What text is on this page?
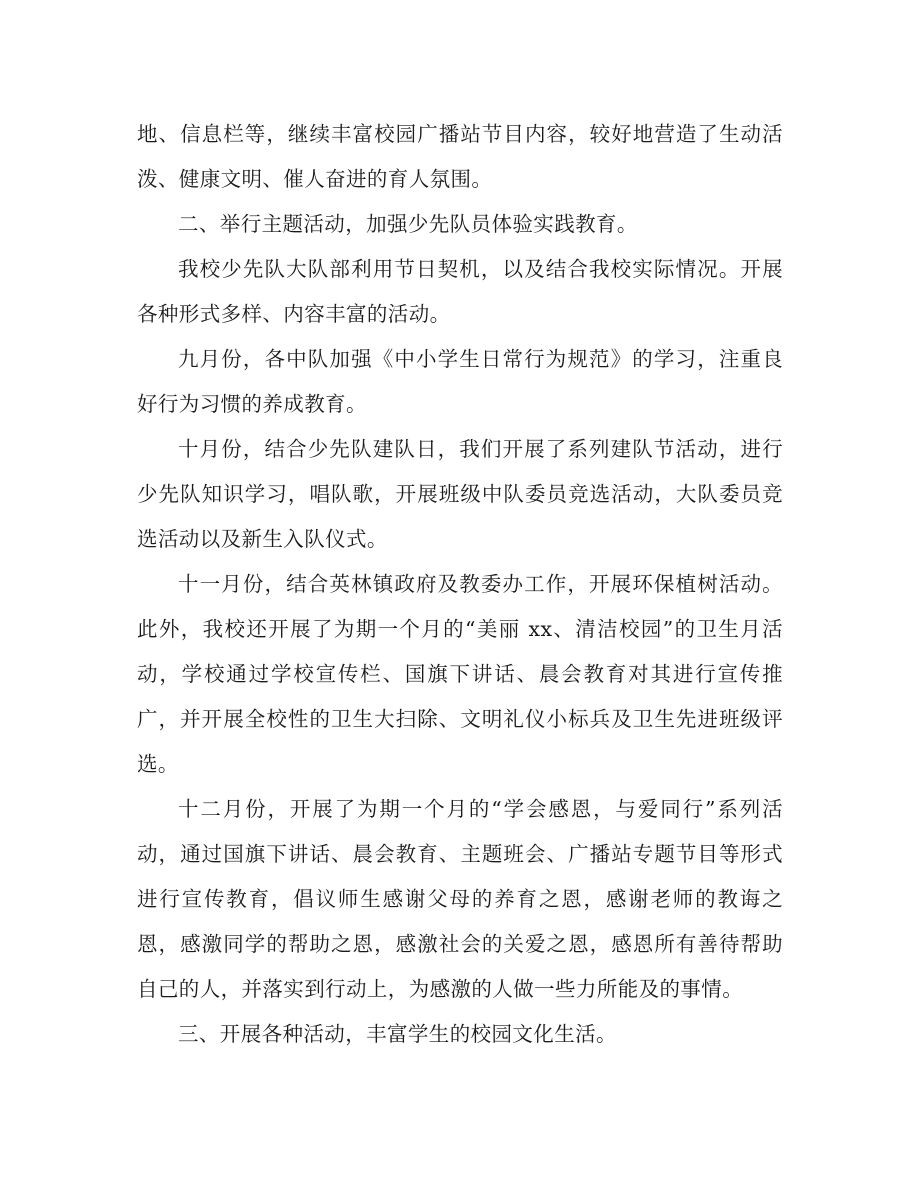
地、信息栏等，继续丰富校园广播站节目内容，较好地营造了生动活泼、健康文明、催人奋进的育人氛围。

二、举行主题活动，加强少先队员体验实践教育。

我校少先队大队部利用节日契机，以及结合我校实际情况。开展各种形式多样、内容丰富的活动。

九月份，各中队加强《中小学生日常行为规范》的学习，注重良好行为习惯的养成教育。

十月份，结合少先队建队日，我们开展了系列建队节活动，进行少先队知识学习，唱队歌，开展班级中队委员竞选活动，大队委员竞选活动以及新生入队仪式。

十一月份，结合英林镇政府及教委办工作，开展环保植树活动。此外，我校还开展了为期一个月的“美丽 xx、清洁校园”的卫生月活动，学校通过学校宣传栏、国旗下讲话、晨会教育对其进行宣传推广，并开展全校性的卫生大扫除、文明礼仪小标兵及卫生先进班级评选。

十二月份，开展了为期一个月的“学会感恩，与爱同行”系列活动，通过国旗下讲话、晨会教育、主题班会、广播站专题节目等形式进行宣传教育，倡议师生感谢父母的养育之恩，感谢老师的教诲之恩，感激同学的帮助之恩，感激社会的关爱之恩，感恩所有善待帮助自己的人，并落实到行动上，为感激的人做一些力所能及的事情。

三、开展各种活动，丰富学生的校园文化生活。
